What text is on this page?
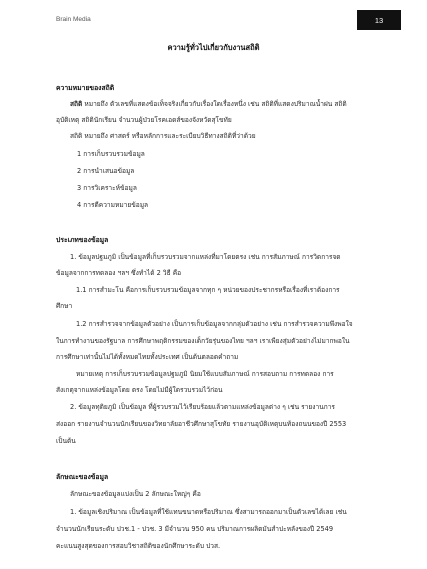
Brain Media	13
ความรู้ทั่วไปเกี่ยวกับงานสถิติ
ความหมายของสถิติ
สถิติ หมายถึง ตัวเลขที่แสดงข้อเท็จจริงเกี่ยวกับเรื่องใดเรื่องหนึ่ง เช่น สถิติที่แสดงปริมาณน้ำฝน สถิติ
อุบัติเหตุ สถิตินักเรียน จำนวนผู้ป่วยโรคเอดส์ของจังหวัดสุโขทัย
สถิติ หมายถึง ศาสตร์ หรือหลักการและระเบียบวิธีทางสถิติที่ว่าด้วย
1 การเก็บรวบรวมข้อมูล
2 การนำเสนอข้อมูล
3 การวิเคราะห์ข้อมูล
4 การตีความหมายข้อมูล
ประเภทของข้อมูล
1. ข้อมูลปฐมภูมิ เป็นข้อมูลที่เก็บรวบรวมจากแหล่งที่มาโดยตรง เช่น การสัมภาษณ์ การวิดการจด
ข้อมูลจากการทดลอง ฯลฯ ซึ่งทำได้ 2 วิธี คือ
1.1 การสำมะโน คือการเก็บรวบรวมข้อมูลจากทุก ๆ หน่วยของประชากรหรือเรื่องที่เราต้องการ
ศึกษา
1.2 การสำรวจจากข้อมูลตัวอย่าง เป็นการเก็บข้อมูลจากกลุ่มตัวอย่าง เช่น การสำรวจความพึงพอใจ
ในการทำงานของรัฐบาล การศึกษาพฤติกรรมของเด็กวัยรุ่นของไทย ฯลฯ เราเพียงสุ่มตัวอย่างไม่มากพอใน
การศึกษาเท่านั้นไม่ได้ทั้งหมดไทยทั้งประเทศ เป็นต้นตลอดคำถาม
หมายเหตุ การเก็บรวบรวมข้อมูลปฐมภูมิ นิยมใช้แบบสัมภาษณ์ การสอบถาม การทดลอง การ
สังเกตุจากแหล่งข้อมูลโดย ตรง โดยไม่มีผู้ใดรวบรวมไว้ก่อน
2. ข้อมูลทุติยภูมิ เป็นข้อมูล ที่ผู้รวบรวมไว้เรียบร้อยแล้วตามแหล่งข้อมูลต่าง ๆ เช่น รายงานการ
ส่งออก รายงานจำนวนนักเรียนของวิทยาลัยอาชีวศึกษาสุโขทัย รายงานอุบัติเหตุบนท้องถนนของปี 2553
เป็นต้น
ลักษณะของข้อมูล
ลักษณะของข้อมูลแบ่งเป็น 2 ลักษณะใหญ่ๆ คือ
1. ข้อมูลเชิงปริมาณ เป็นข้อมูลที่ใช้แทนขนาดหรือปริมาณ ซึ่งสามารถออกมาเป็นตัวเลขได้เลย เช่น
จำนวนนักเรียนระดับ ปวช.1 - ปวช. 3 มีจำนวน 950 คน ปริมาณการผลิตมันสำปะหลังของปี 2549
คะแนนสูงสุดของการสอบวิชาสถิติของนักศึกษาระดับ ปวส.
